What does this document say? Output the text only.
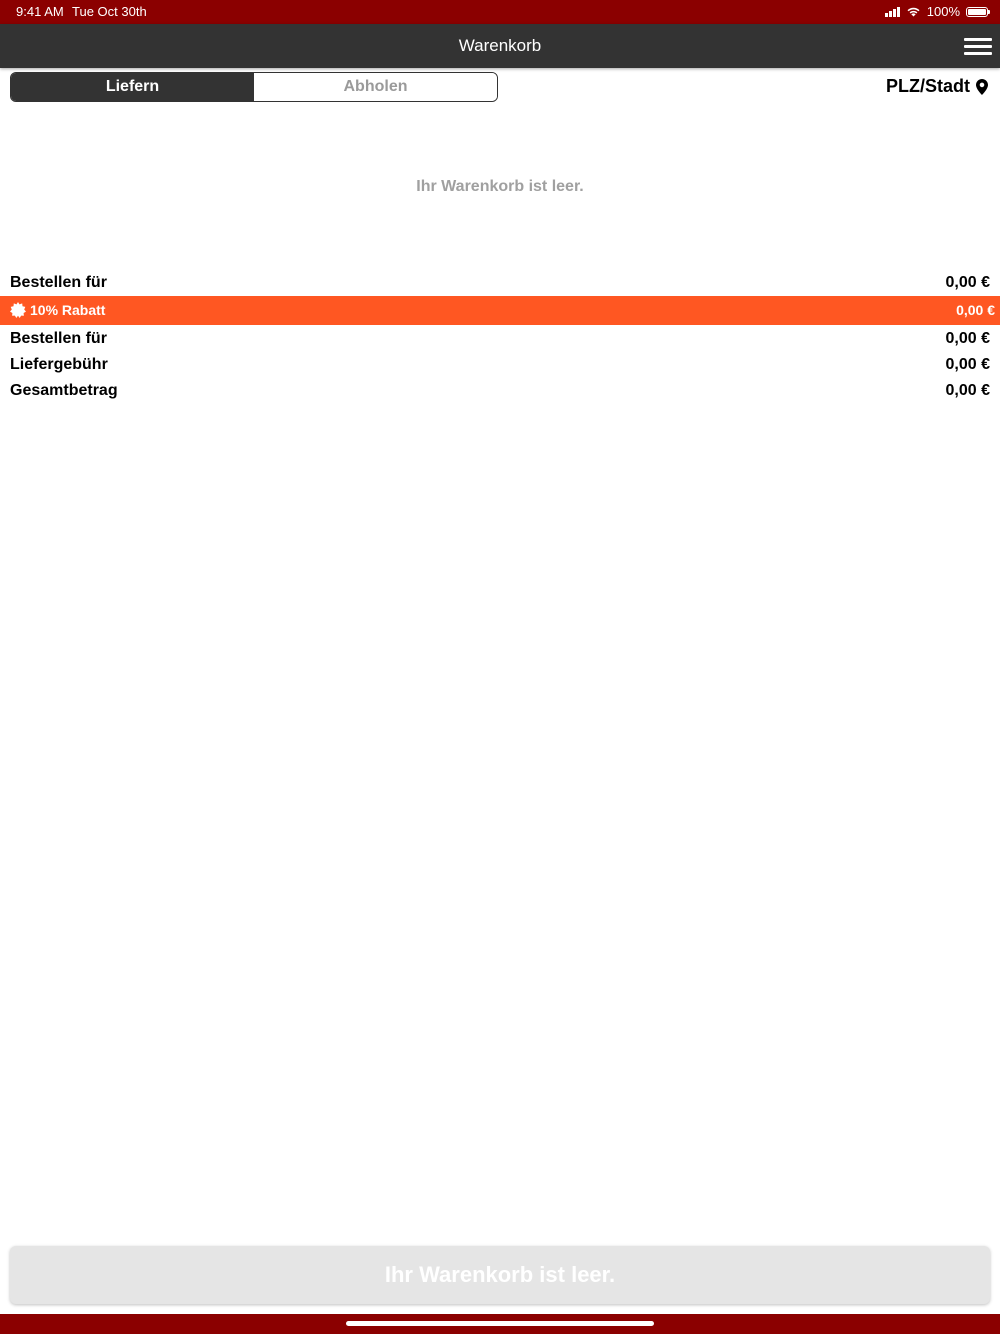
9:41 AM Tue Oct 30th	100%
Warenkorb
Liefern	Abholen	PLZ/Stadt
Ihr Warenkorb ist leer.
Bestellen für	0,00 €
10% Rabatt	0,00 €
Bestellen für	0,00 €
Liefergebühr	0,00 €
Gesamtbetrag	0,00 €
Ihr Warenkorb ist leer.
